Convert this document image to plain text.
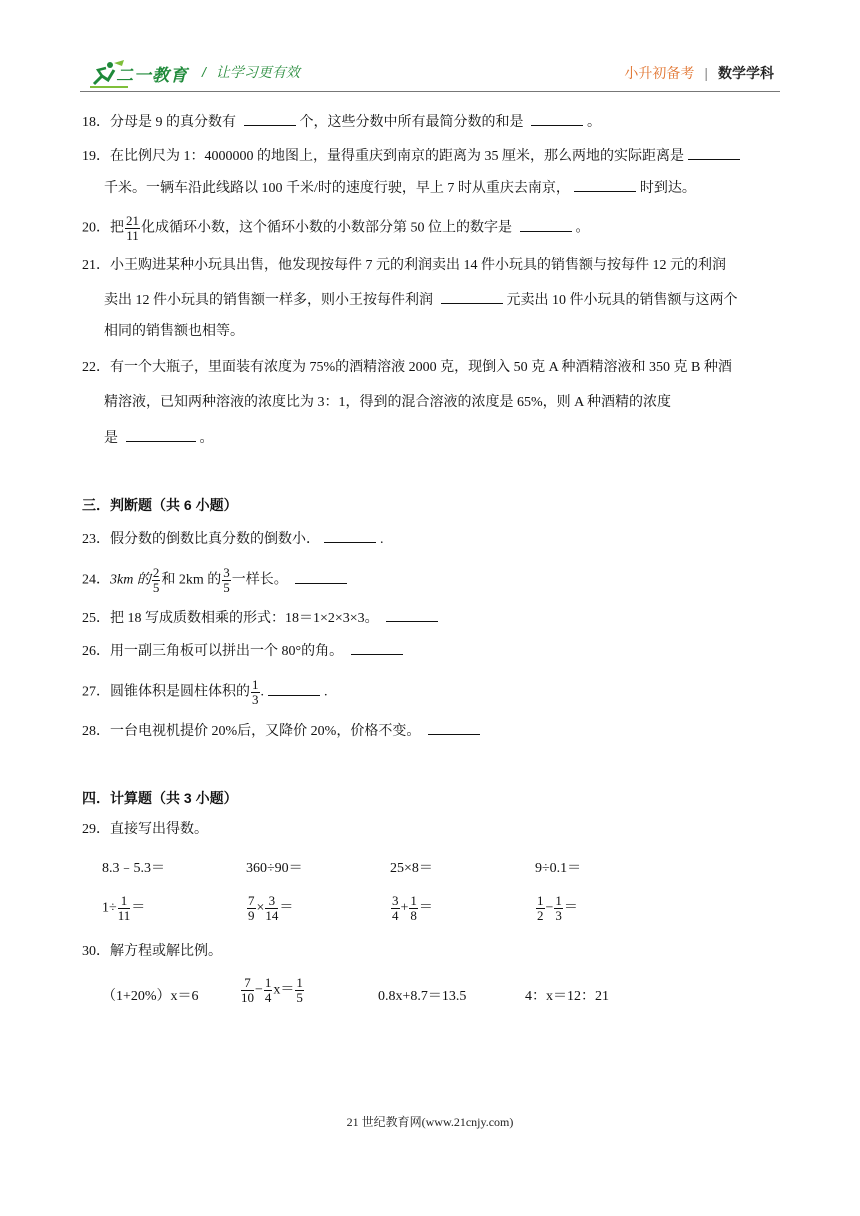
二一教育 / 让学习更有效	小升初备考 | 数学学科
18．分母是 9 的真分数有	个，这些分数中所有最简分数的和是	。
19．在比例尺为 1：4000000 的地图上，量得重庆到南京的距离为 35 厘米，那么两地的实际距离是
千米。一辆车沿此线路以 100 千米/时的速度行驶，早上 7 时从重庆去南京，	时到达。
20．把 $\frac{21}{11}$ 化成循环小数，这个循环小数的小数部分第 50 位上的数字是	。
21．小王购进某种小玩具出售，他发现按每件 7 元的利润卖出 14 件小玩具的销售额与按每件 12 元的利润
卖出 12 件小玩具的销售额一样多，则小王按每件利润	元卖出 10 件小玩具的销售额与这两个
相同的销售额也相等。
22．有一个大瓶子，里面装有浓度为 75%的酒精溶液 2000 克，现倒入 50 克 A 种酒精溶液和 350 克 B 种酒
精溶液，已知两种溶液的浓度比为 3：1，得到的混合溶液的浓度是 65%，则 A 种酒精的浓度
是	。
三．判断题（共 6 小题）
23．假分数的倒数比真分数的倒数小．	.
24．3km 的 $\frac{2}{5}$ 和 2km 的 $\frac{3}{5}$ 一样长。
25．把 18 写成质数相乘的形式：18＝1×2×3×3。
26．用一副三角板可以拼出一个 80°的角。
27．圆锥体积是圆柱体积的 $\frac{1}{3}$ .	.
28．一台电视机提价 20%后，又降价 20%，价格不变。
四．计算题（共 3 小题）
29．直接写出得数。
8.3﹣5.3＝	360÷90＝	25×8＝	9÷0.1＝
$1\div \frac{1}{11}$ ＝	$\frac{7}{9} \times \frac{3}{14}$ ＝	$\frac{3}{4} + \frac{1}{8}$ ＝	$\frac{1}{2} - \frac{1}{3}$ ＝
30．解方程或解比例。
（1+20%）x＝6	$\frac{7}{10} - \frac{1}{4} x= \frac{1}{5}$	0.8x+8.7＝13.5	4：x＝12：21
21 世纪教育网(www.21cnjy.com)
